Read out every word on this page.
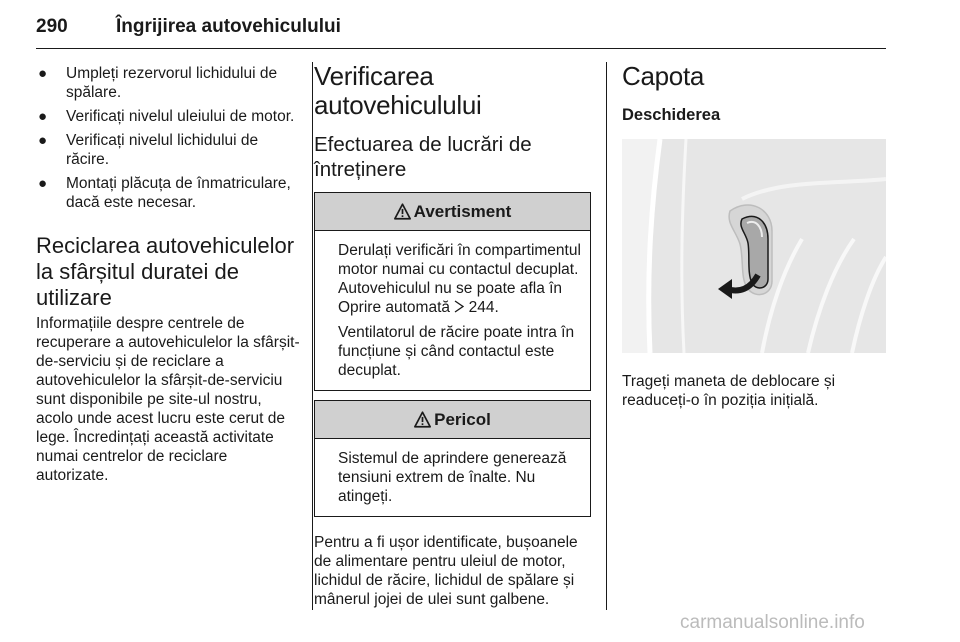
290	Îngrijirea autovehiculului
● Umpleți rezervorul lichidului de spălare.
● Verificați nivelul uleiului de motor.
● Verificați nivelul lichidului de răcire.
● Montați plăcuța de înmatriculare, dacă este necesar.
Reciclarea autovehiculelor la sfârșitul duratei de utilizare

Informațiile despre centrele de recuperare a autovehiculelor la sfârșit-de-serviciu și de reciclare a autovehiculelor la sfârșit-de-serviciu sunt disponibile pe site-ul nostru, acolo unde acest lucru este cerut de lege. Încredințați această activitate numai centrelor de reciclare autorizate.

Verificarea autovehiculului
Efectuarea de lucrări de întreținere
Avertisment

Derulați verificări în compartimentul motor numai cu contactul decuplat. Autovehiculul nu se poate afla în Oprire automată  244.

Ventilatorul de răcire poate intra în funcțiune și când contactul este decuplat.

Pericol

Sistemul de aprindere generează tensiuni extrem de înalte. Nu atingeți.

Pentru a fi ușor identificate, bușoanele de alimentare pentru uleiul de motor, lichidul de răcire, lichidul de spălare și mânerul jojei de ulei sunt galbene.

Capota
Deschiderea

Trageți maneta de deblocare și readuceți-o în poziția inițială.

carmanualsonline.info
